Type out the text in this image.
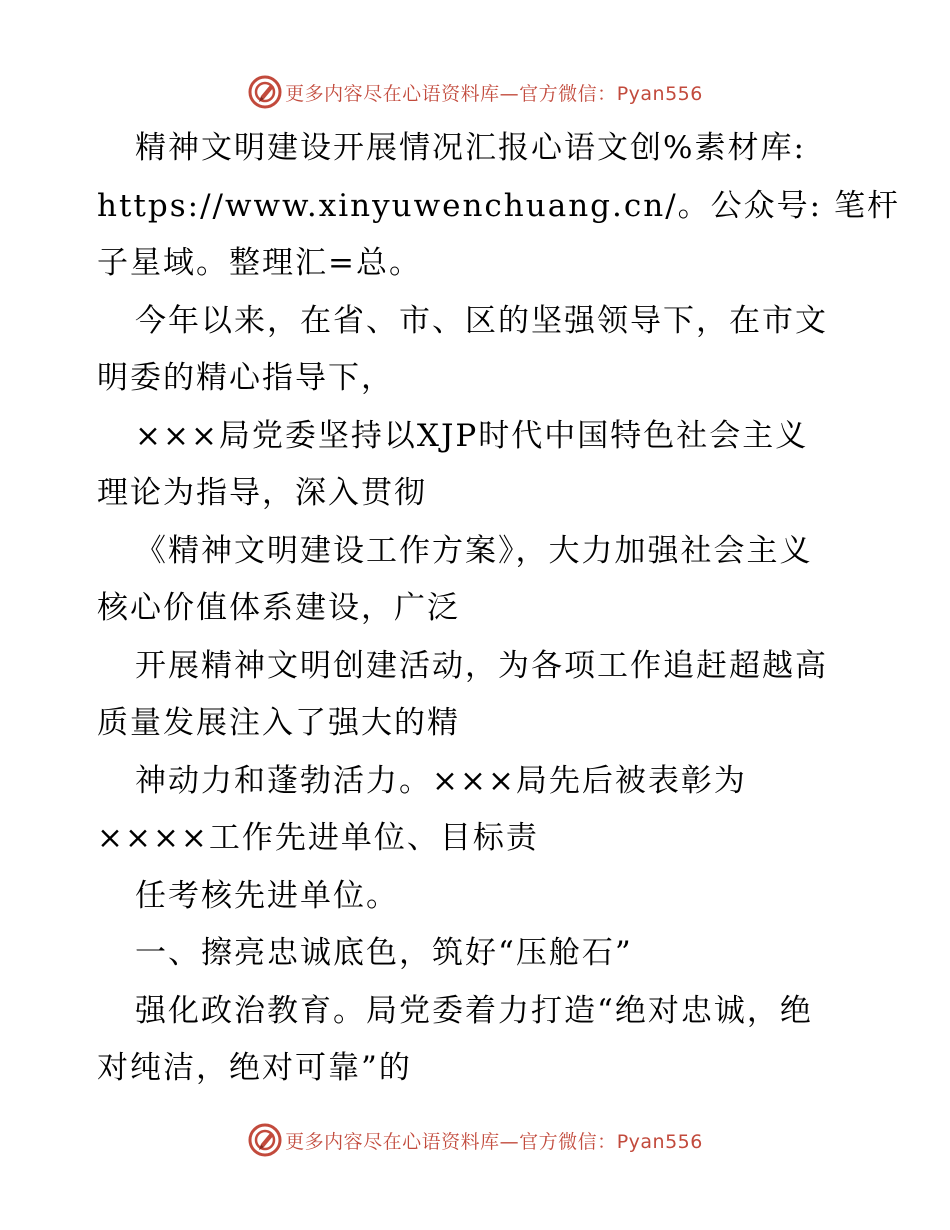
更多内容尽在心语资料库—官方微信：Pyan556
精神文明建设开展情况汇报心语文创%素材库:
https://www.xinyuwenchuang.cn/。公众号: 笔杆
子星域。整理汇=总。
今年以来，在省、市、区的坚强领导下，在市文
明委的精心指导下，
×××局党委坚持以XJP时代中国特色社会主义
理论为指导，深入贯彻
《精神文明建设工作方案》，大力加强社会主义
核心价值体系建设，广泛
开展精神文明创建活动，为各项工作追赶超越高
质量发展注入了强大的精
神动力和蓬勃活力。×××局先后被表彰为
××××工作先进单位、目标责
任考核先进单位。
一、擦亮忠诚底色，筑好“压舱石”
强化政治教育。局党委着力打造“绝对忠诚，绝
对纯洁，绝对可靠”的
更多内容尽在心语资料库—官方微信：Pyan556
